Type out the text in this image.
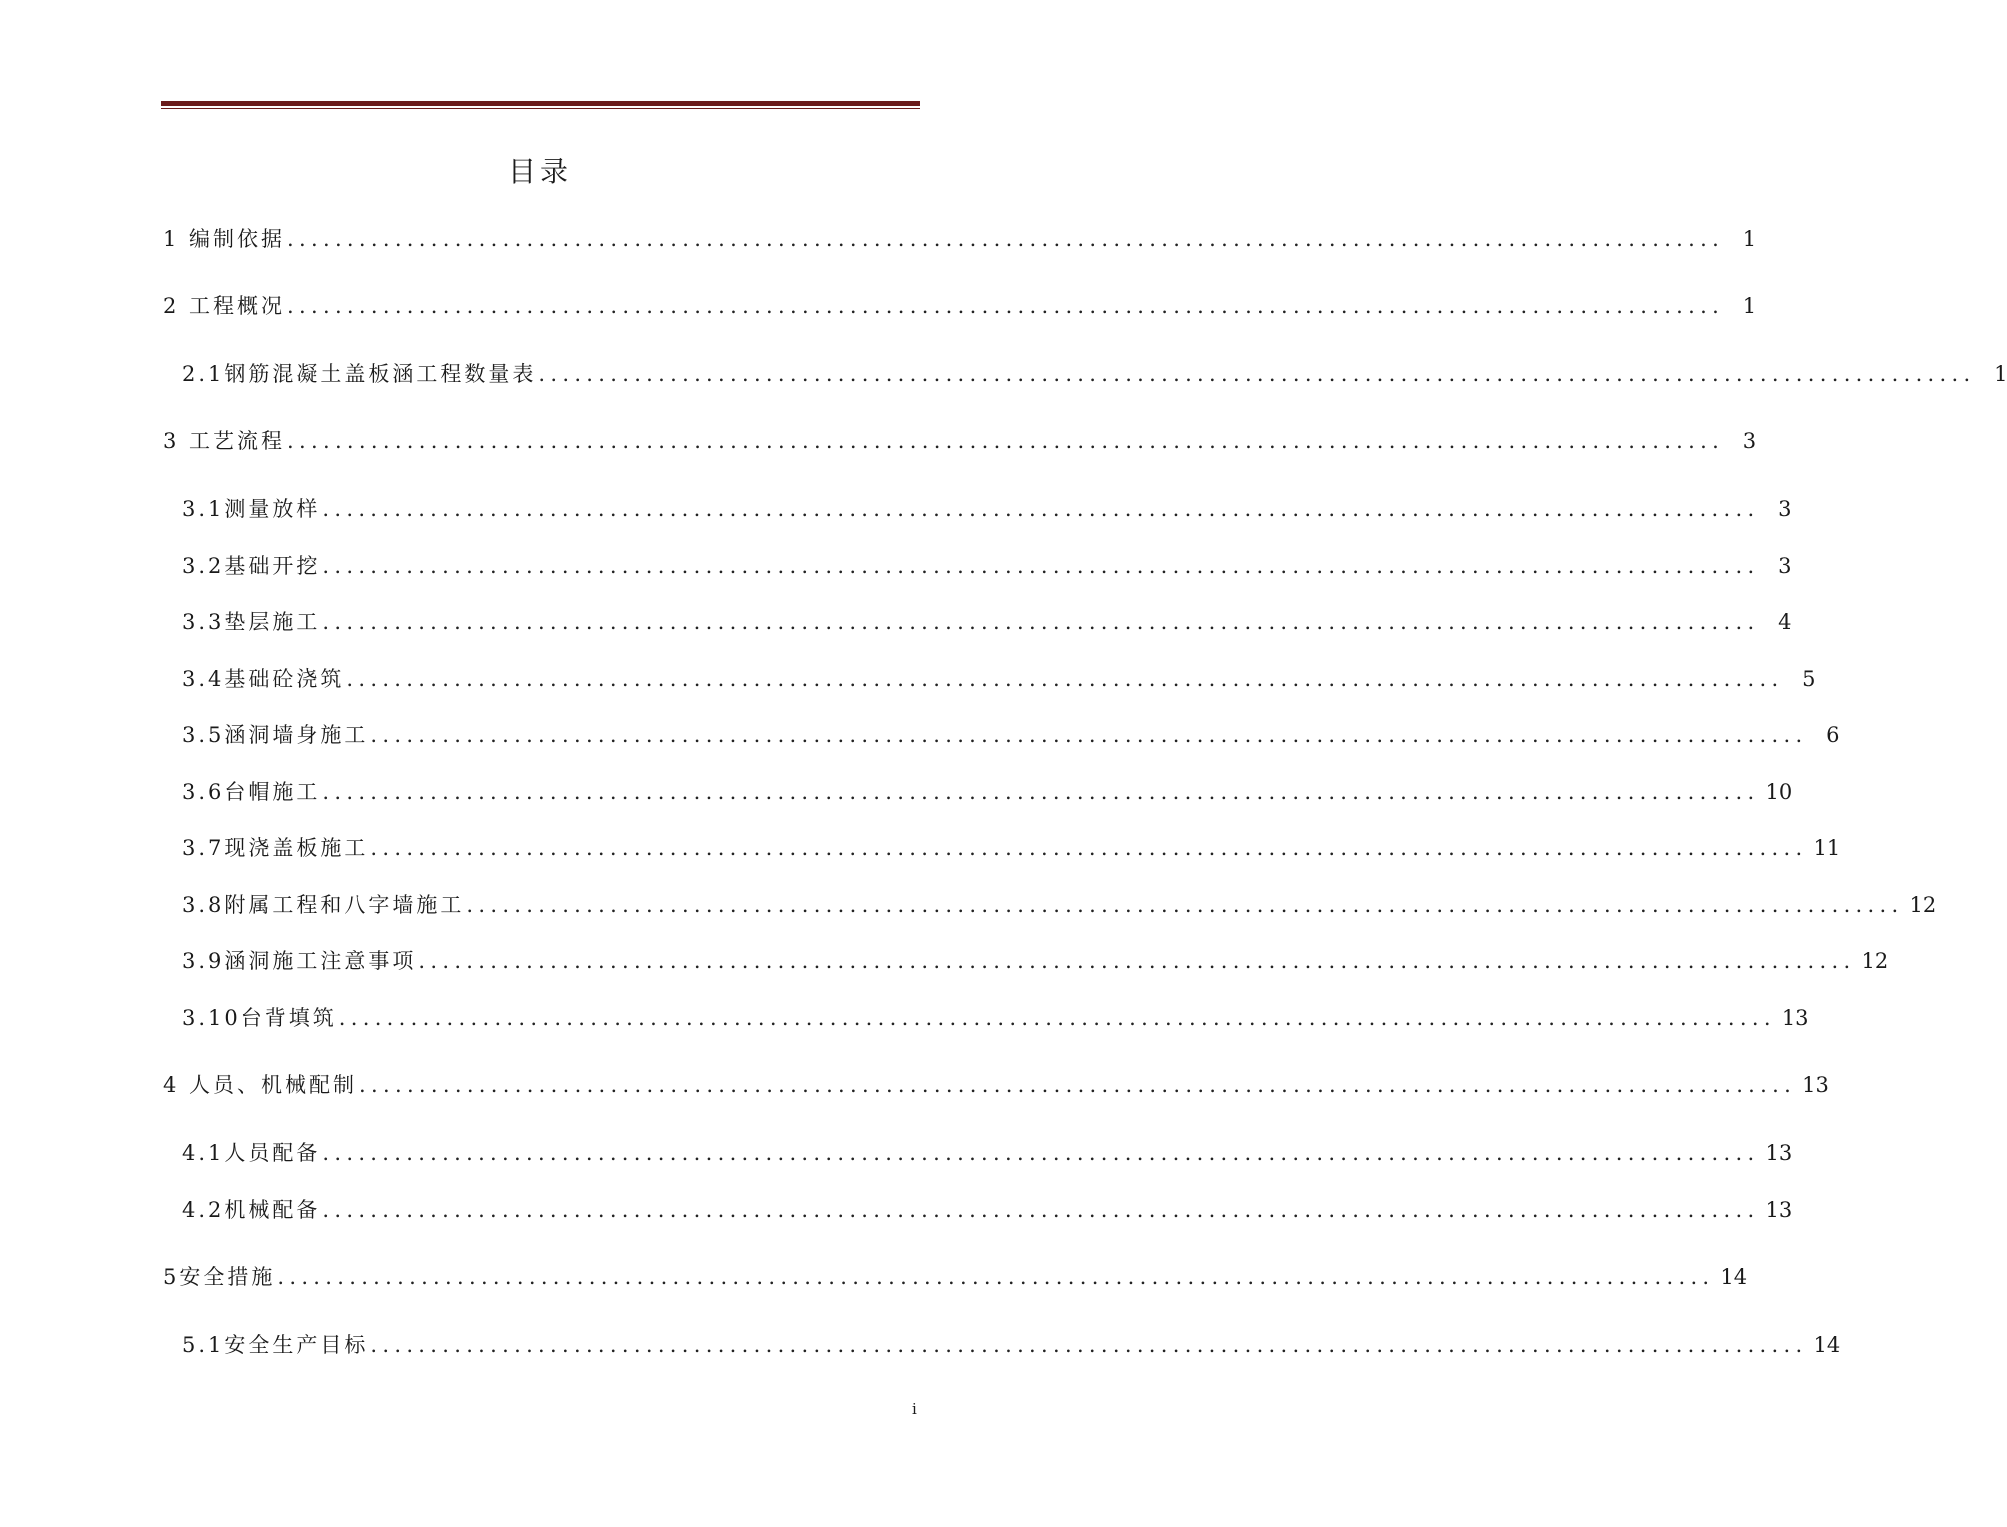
目录
1 编制依据 ........................................................................................................................ 1
2 工程概况 ........................................................................................................................ 1
2.1钢筋混凝土盖板涵工程数量表 ........................................................................................................................ 1
3 工艺流程 ........................................................................................................................ 3
3.1测量放样 ........................................................................................................................ 3
3.2基础开挖 ........................................................................................................................ 3
3.3垫层施工 ........................................................................................................................ 4
3.4基础砼浇筑 ........................................................................................................................ 5
3.5涵洞墙身施工 ........................................................................................................................ 6
3.6台帽施工 ........................................................................................................................ 10
3.7现浇盖板施工 ........................................................................................................................ 11
3.8附属工程和八字墙施工 ........................................................................................................................ 12
3.9涵洞施工注意事项 ........................................................................................................................ 12
3.10台背填筑 ........................................................................................................................ 13
4 人员、机械配制 ........................................................................................................................ 13
4.1人员配备 ........................................................................................................................ 13
4.2机械配备 ........................................................................................................................ 13
5安全措施 ........................................................................................................................ 14
5.1安全生产目标 ........................................................................................................................ 14
i
